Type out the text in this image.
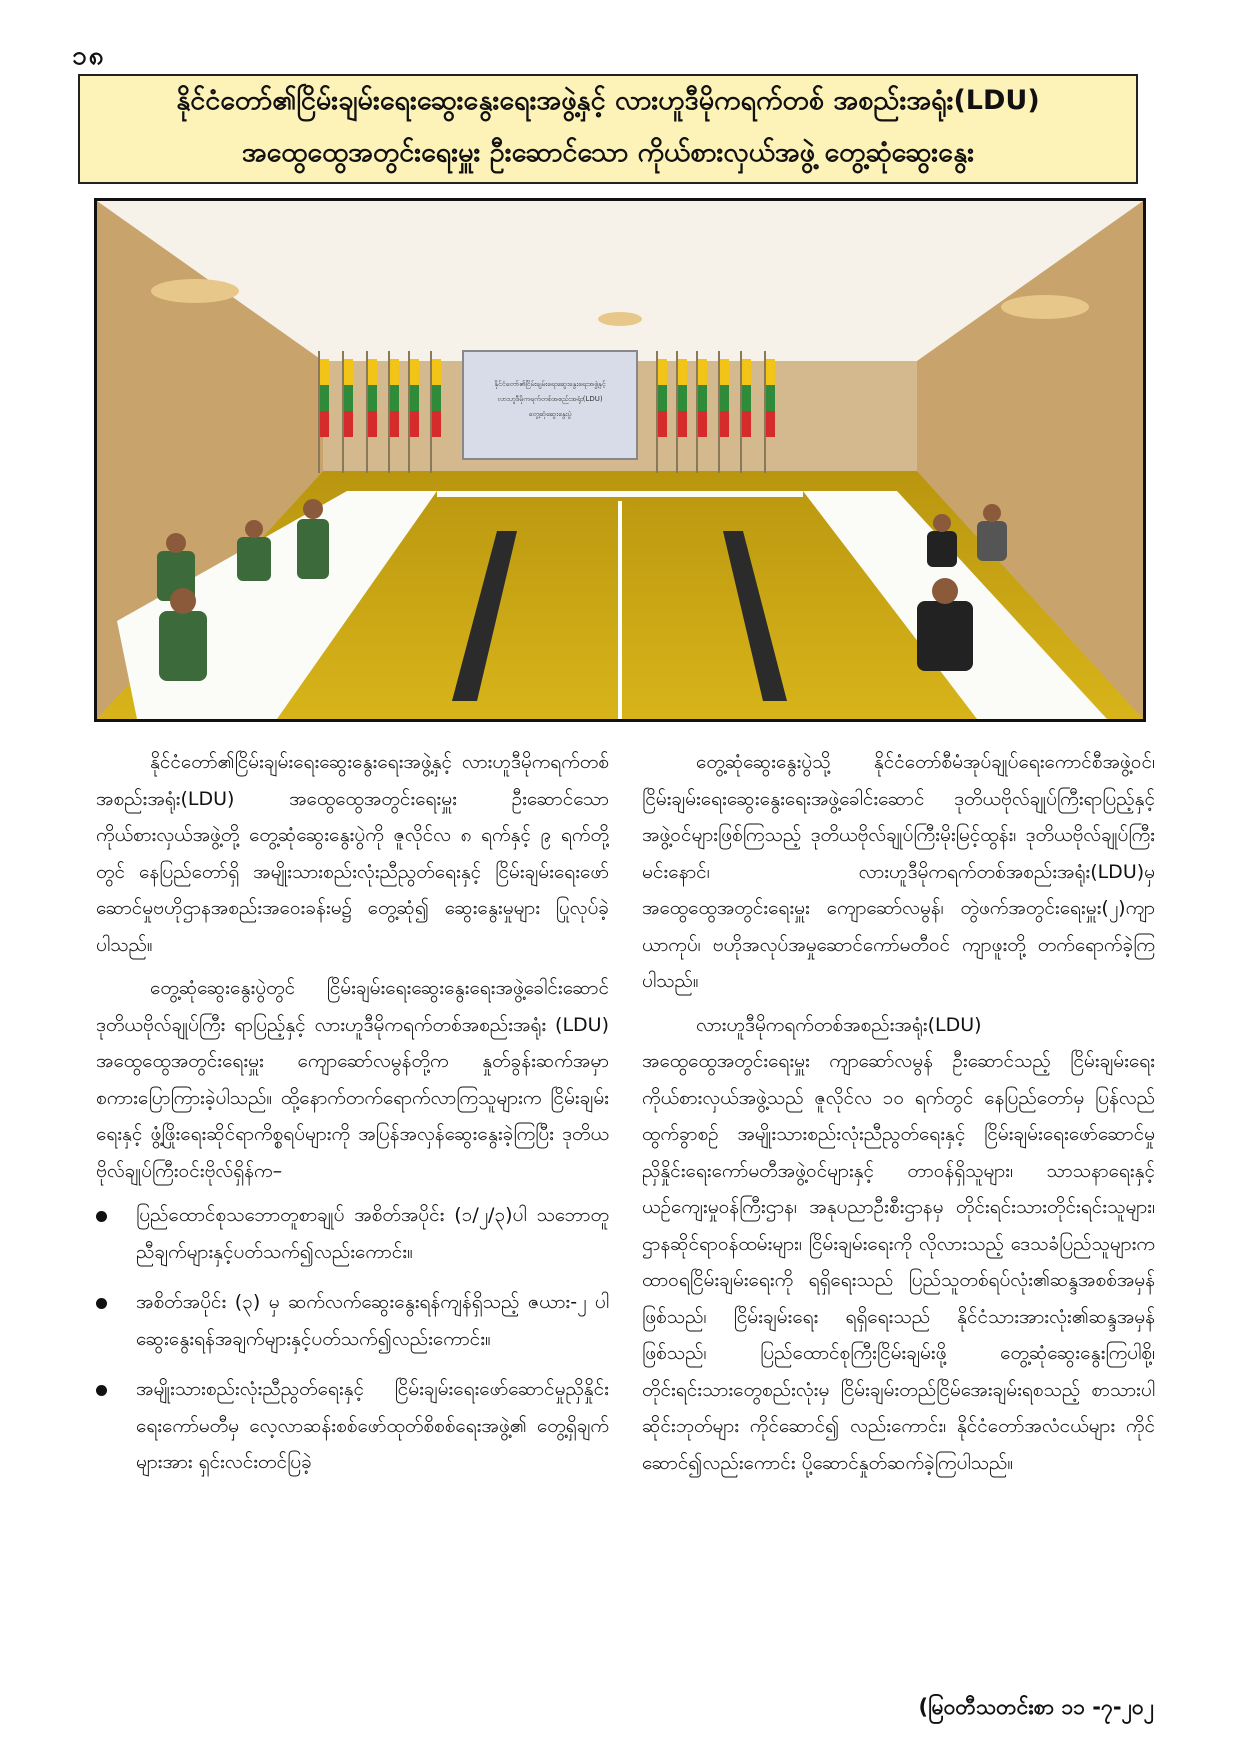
၁၈
နိုင်ငံတော်၏ငြိမ်းချမ်းရေးဆွေးနွေးရေးအဖွဲ့နှင့် လားဟူဒီမိုကရက်တစ် အစည်းအရုံး(LDU)
အထွေထွေအတွင်းရေးမှူး ဦးဆောင်သော ကိုယ်စားလှယ်အဖွဲ့ တွေ့ဆုံဆွေးနွေး
နိုင်ငံတော်၏ငြိမ်းချမ်းရေးဆွေးနွေးရေးအဖွဲ့နှင့်
လားဟူဒီမိုကရက်တစ်အစည်းအရုံး(LDU)
တွေ့ဆုံဆွေးနွေးပွဲ

နိုင်ငံတော်၏ငြိမ်းချမ်းရေးဆွေးနွေးရေးအဖွဲ့နှင့် လားဟူဒီမိုကရက်တစ်အစည်းအရုံး(LDU) အထွေထွေအတွင်းရေးမှူး ဦးဆောင်သော ကိုယ်စားလှယ်အဖွဲ့တို့ တွေ့ဆုံဆွေးနွေးပွဲကို ဇူလိုင်လ ၈ ရက်နှင့် ၉ ရက်တို့တွင် နေပြည်တော်ရှိ အမျိုးသားစည်းလုံးညီညွတ်ရေးနှင့် ငြိမ်းချမ်းရေးဖော်ဆောင်မှုဗဟိုဌာနအစည်းအဝေးခန်းမ၌ တွေ့ဆုံ၍ ဆွေးနွေးမှုများ ပြုလုပ်ခဲ့ပါသည်။

တွေ့ဆုံဆွေးနွေးပွဲတွင် ငြိမ်းချမ်းရေးဆွေးနွေးရေးအဖွဲ့ခေါင်းဆောင် ဒုတိယဗိုလ်ချုပ်ကြီး ရာပြည့်နှင့် လားဟူဒီမိုကရက်တစ်အစည်းအရုံး (LDU) အထွေထွေအတွင်းရေးမှူး ကျောဆော်လမွန်တို့က နှုတ်ခွန်းဆက်အမှာစကားပြောကြားခဲ့ပါသည်။ ထို့နောက်တက်ရောက်လာကြသူများက ငြိမ်းချမ်းရေးနှင့် ဖွံ့ဖြိုးရေးဆိုင်ရာကိစ္စရပ်များကို အပြန်အလှန်ဆွေးနွေးခဲ့ကြပြီး ဒုတိယဗိုလ်ချုပ်ကြီးဝင်းဗိုလ်ရှိန်က–

ပြည်ထောင်စုသဘောတူစာချုပ် အစိတ်အပိုင်း (၁/၂/၃)ပါ သဘောတူညီချက်များနှင့်ပတ်သက်၍လည်းကောင်း။
အစိတ်အပိုင်း (၃) မှ ဆက်လက်ဆွေးနွေးရန်ကျန်ရှိသည့် ဇယား-၂ ပါ ဆွေးနွေးရန်အချက်များနှင့်ပတ်သက်၍လည်းကောင်း။
အမျိုးသားစည်းလုံးညီညွတ်ရေးနှင့် ငြိမ်းချမ်းရေးဖော်ဆောင်မှုညှိနှိုင်းရေးကော်မတီမှ လေ့လာဆန်းစစ်ဖော်ထုတ်စိစစ်ရေးအဖွဲ့၏ တွေ့ရှိချက်များအား ရှင်းလင်းတင်ပြခဲ့

တွေ့ဆုံဆွေးနွေးပွဲသို့ နိုင်ငံတော်စီမံအုပ်ချုပ်ရေးကောင်စီအဖွဲ့ဝင်၊ ငြိမ်းချမ်းရေးဆွေးနွေးရေးအဖွဲ့ခေါင်းဆောင် ဒုတိယဗိုလ်ချုပ်ကြီးရာပြည့်နှင့် အဖွဲ့ဝင်များဖြစ်ကြသည့် ဒုတိယဗိုလ်ချုပ်ကြီးမိုးမြင့်ထွန်း၊ ဒုတိယဗိုလ်ချုပ်ကြီးမင်းနောင်၊ လားဟူဒီမိုကရက်တစ်အစည်းအရုံး(LDU)မှ အထွေထွေအတွင်းရေးမှူး ကျောဆော်လမွန်၊ တွဲဖက်အတွင်းရေးမှူး(၂)ကျာယာကုပ်၊ ဗဟိုအလုပ်အမှုဆောင်ကော်မတီဝင် ကျာဖူးတို့ တက်ရောက်ခဲ့ကြပါသည်။

လားဟူဒီမိုကရက်တစ်အစည်းအရုံး(LDU) အထွေထွေအတွင်းရေးမှူး ကျာဆော်လမွန် ဦးဆောင်သည့် ငြိမ်းချမ်းရေးကိုယ်စားလှယ်အဖွဲ့သည် ဇူလိုင်လ ၁၀ ရက်တွင် နေပြည်တော်မှ ပြန်လည်ထွက်ခွာစဉ် အမျိုးသားစည်းလုံးညီညွတ်ရေးနှင့် ငြိမ်းချမ်းရေးဖော်ဆောင်မှုညှိနှိုင်းရေးကော်မတီအဖွဲ့ဝင်များနှင့် တာဝန်ရှိသူများ၊ သာသနာရေးနှင့် ယဉ်ကျေးမှုဝန်ကြီးဌာန၊ အနုပညာဦးစီးဌာနမှ တိုင်းရင်းသားတိုင်းရင်းသူများ၊ ဌာနဆိုင်ရာဝန်ထမ်းများ၊ ငြိမ်းချမ်းရေးကို လိုလားသည့် ဒေသခံပြည်သူများက ထာဝရငြိမ်းချမ်းရေးကို ရရှိရေးသည် ပြည်သူတစ်ရပ်လုံး၏ဆန္ဒအစစ်အမှန်ဖြစ်သည်၊ ငြိမ်းချမ်းရေး ရရှိရေးသည် နိုင်ငံသားအားလုံး၏ဆန္ဒအမှန်ဖြစ်သည်၊ ပြည်ထောင်စုကြီးငြိမ်းချမ်းဖို့ တွေ့ဆုံဆွေးနွေးကြပါစို့၊ တိုင်းရင်းသားတွေစည်းလုံးမှ ငြိမ်းချမ်းတည်ငြိမ်အေးချမ်းရစသည့် စာသားပါဆိုင်းဘုတ်များ ကိုင်ဆောင်၍ လည်းကောင်း၊ နိုင်ငံတော်အလံငယ်များ ကိုင်ဆောင်၍လည်းကောင်း ပို့ဆောင်နှုတ်ဆက်ခဲ့ကြပါသည်။

(မြဝတီသတင်းစာ ၁၁ -၇-၂၀၂
